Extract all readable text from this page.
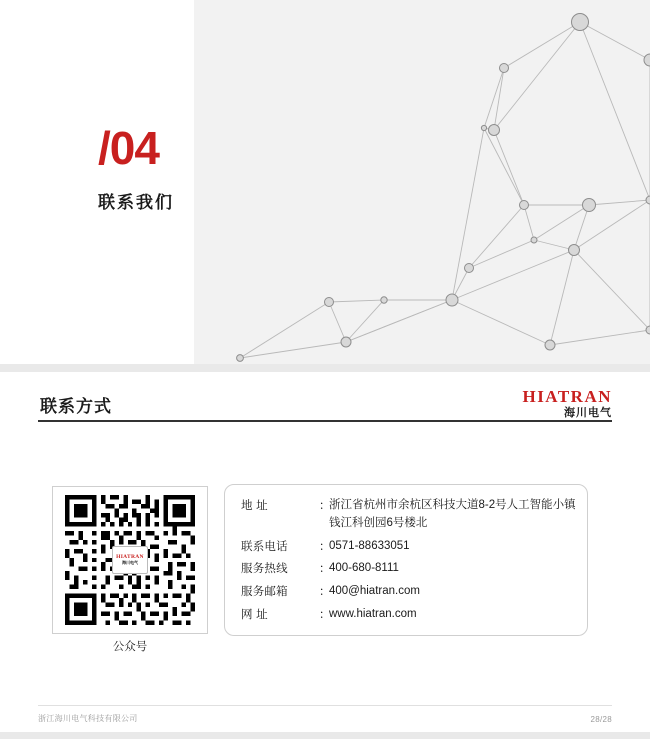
/04
联系我们
联系方式
HIATRAN
海川电气
HIATRAN
海川电气
公众号
地 址	：
浙江省杭州市余杭区科技大道8-2号人工智能小镇
钱江科创园6号楼北
联系电话	：
0571-88633051
服务热线	：
400-680-8111
服务邮箱	：
400@hiatran.com
网 址	：
www.hiatran.com
浙江海川电气科技有限公司	28/28
